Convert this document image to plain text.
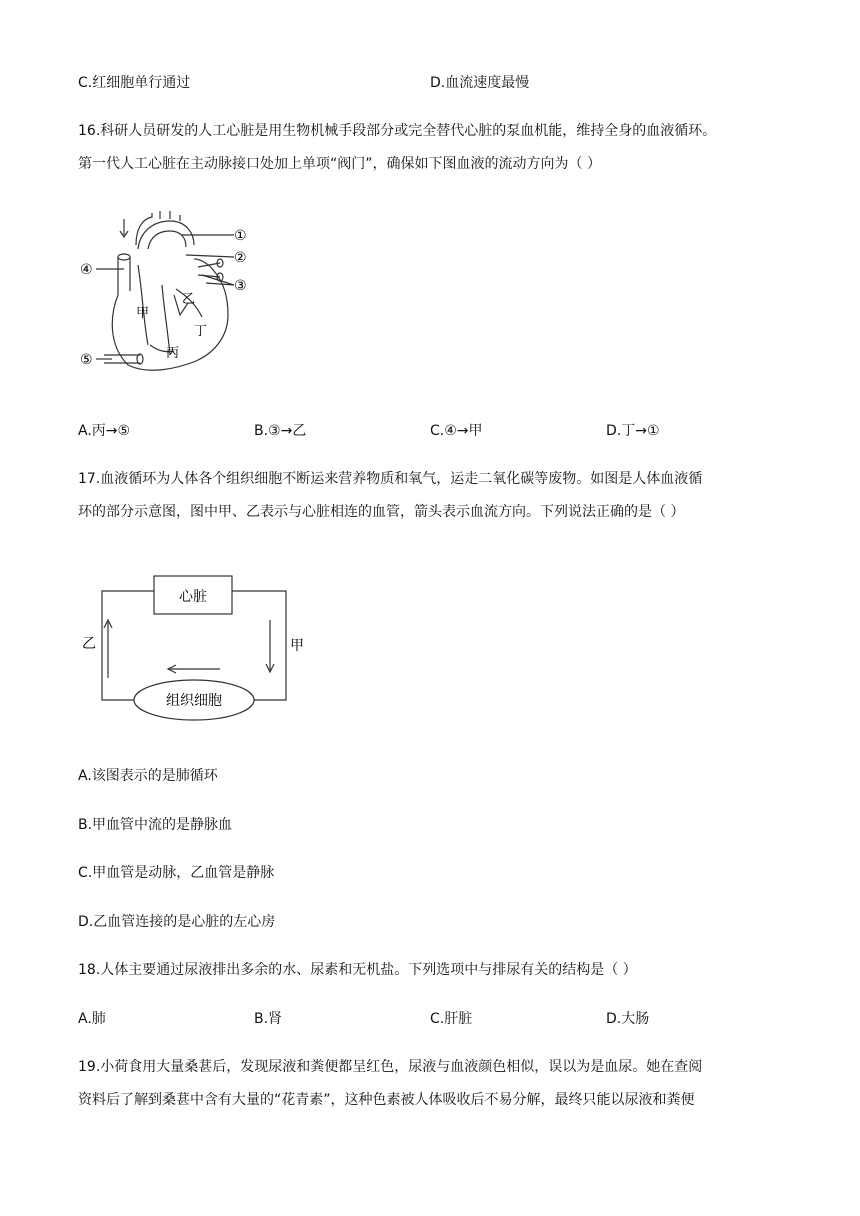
C.红细胞单行通过	D.血流速度最慢
16.科研人员研发的人工心脏是用生物机械手段部分或完全替代心脏的泵血机能，维持全身的血液循环。
第一代人工心脏在主动脉接口处加上单项“阀门”，确保如下图血液的流动方向为（ ）
①
②
③
④
⑤
甲
乙
丙
丁
A.丙→⑤	B.③→乙	C.④→甲	D.丁→①
17.血液循环为人体各个组织细胞不断运来营养物质和氧气，运走二氧化碳等废物。如图是人体血液循
环的部分示意图，图中甲、乙表示与心脏相连的血管，箭头表示血流方向。下列说法正确的是（ ）
心脏
组织细胞
甲
乙
A.该图表示的是肺循环
B.甲血管中流的是静脉血
C.甲血管是动脉，乙血管是静脉
D.乙血管连接的是心脏的左心房
18.人体主要通过尿液排出多余的水、尿素和无机盐。下列选项中与排尿有关的结构是（ ）
A.肺	B.肾	C.肝脏	D.大肠
19.小荷食用大量桑葚后，发现尿液和粪便都呈红色，尿液与血液颜色相似，误以为是血尿。她在查阅
资料后了解到桑葚中含有大量的“花青素”，这种色素被人体吸收后不易分解，最终只能以尿液和粪便
